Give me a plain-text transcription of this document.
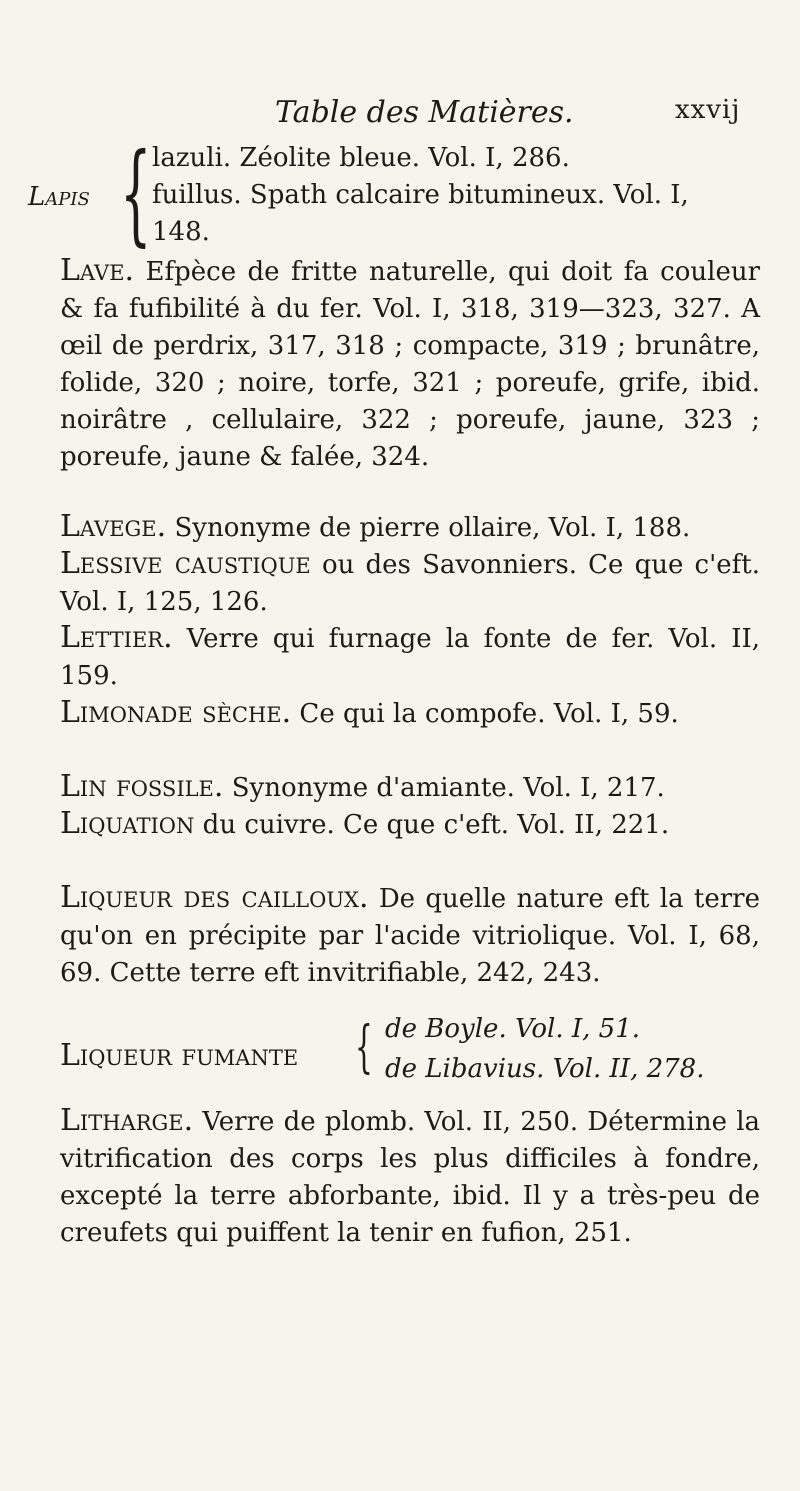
Table des Matières.	xxvij
Lapis { lazuli. Zéolite bleue. Vol. I, 286.
fuillus. Spath calcaire bitumineux. Vol. I,
148.
Lave. Efpèce de fritte naturelle, qui doit fa couleur & fa fufibilité à du fer. Vol. I, 318, 319—323, 327. A œil de perdrix, 317, 318 ; compacte, 319 ; brunâtre, folide, 320 ; noire, torfe, 321 ; poreufe, grife, ibid. noirâtre , cellulaire, 322 ; poreufe, jaune, 323 ; poreufe, jaune & falée, 324.
Lavege. Synonyme de pierre ollaire, Vol. I, 188.
Lessive caustique ou des Savonniers. Ce que c'eft. Vol. I, 125, 126.
Lettier. Verre qui furnage la fonte de fer. Vol. II, 159.
Limonade sèche. Ce qui la compofe. Vol. I, 59.
Lin fossile. Synonyme d'amiante. Vol. I, 217.
Liquation du cuivre. Ce que c'eft. Vol. II, 221.
Liqueur des cailloux. De quelle nature eft la terre qu'on en précipite par l'acide vitriolique. Vol. I, 68, 69. Cette terre eft invitrifiable, 242, 243.
Liqueur fumante { de Boyle. Vol. I, 51.
de Libavius. Vol. II, 278.
Litharge. Verre de plomb. Vol. II, 250. Détermine la vitrification des corps les plus difficiles à fondre, excepté la terre abforbante, ibid. Il y a très-peu de creufets qui puiffent la tenir en fufion, 251.
